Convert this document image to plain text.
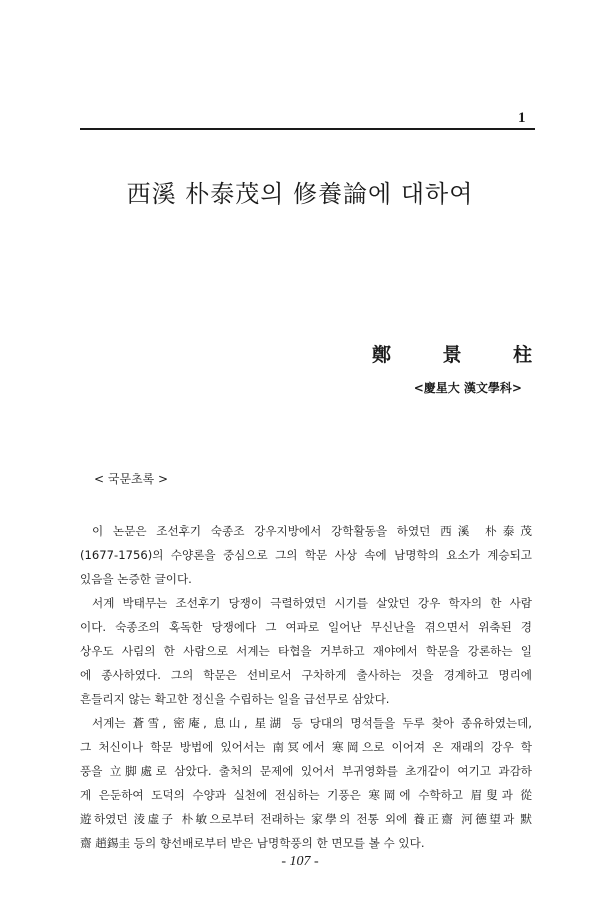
1
西溪 朴泰茂의 修養論에 대하여
鄭	景	柱
<慶星大 漢文學科>
< 국문초록 >
이 논문은 조선후기 숙종조 강우지방에서 강학활동을 하였던 西溪 朴泰茂
(1677-1756)의 수양론을 중심으로 그의 학문 사상 속에 남명학의 요소가 계승되고
있음을 논증한 글이다.
서계 박태무는 조선후기 당쟁이 극렬하였던 시기를 살았던 강우 학자의 한 사람
이다. 숙종조의 혹독한 당쟁에다 그 여파로 일어난 무신난을 겪으면서 위축된 경
상우도 사림의 한 사람으로 서계는 타협을 거부하고 재야에서 학문을 강론하는 일
에 종사하였다. 그의 학문은 선비로서 구차하게 출사하는 것을 경계하고 명리에
흔들리지 않는 확고한 정신을 수립하는 일을 급선무로 삼았다.
서계는 蒼雪, 密庵, 息山, 星湖 등 당대의 명석들을 두루 찾아 종유하였는데,
그 처신이나 학문 방법에 있어서는 南冥에서 寒岡으로 이어져 온 재래의 강우 학
풍을 立脚處로 삼았다. 출처의 문제에 있어서 부귀영화를 초개같이 여기고 과감하
게 은둔하여 도덕의 수양과 실천에 전심하는 기풍은 寒岡에 수학하고 眉叟과 從
遊하였던 淩虛子 朴敏으로부터 전래하는 家學의 전통 외에 養正齋 河德望과 默
齋 趙錫圭 등의 향선배로부터 받은 남명학풍의 한 면모를 볼 수 있다.
- 107 -
